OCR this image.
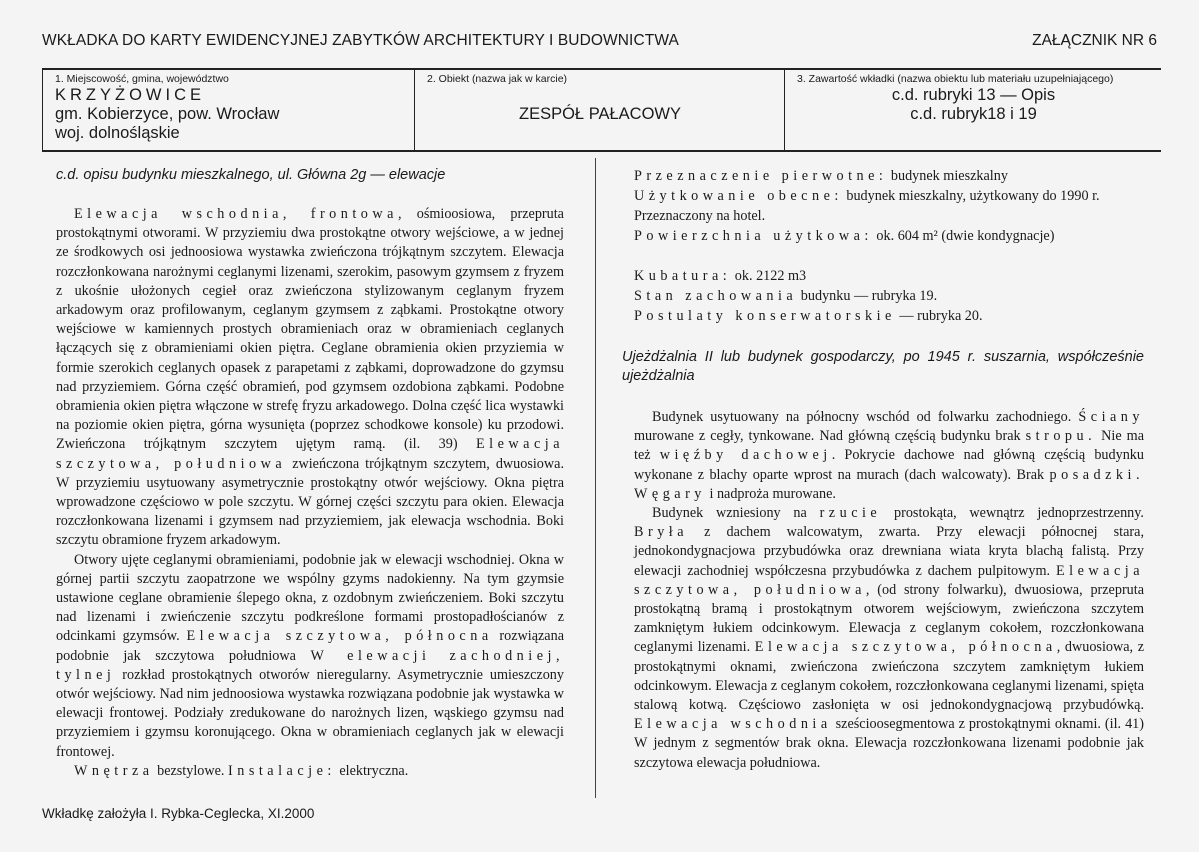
WKŁADKA DO KARTY EWIDENCYJNEJ ZABYTKÓW ARCHITEKTURY I BUDOWNICTWA	ZAŁĄCZNIK NR 6
1. Miejscowość, gmina, województwo
KRZYŻOWICE
gm. Kobierzyce, pow. Wrocław
woj. dolnośląskie
2. Obiekt (nazwa jak w karcie)
ZESPÓŁ PAŁACOWY
3. Zawartość wkładki (nazwa obiektu lub materiału uzupełniającego)
c.d. rubryki 13 — Opis
c.d. rubryk18 i 19
c.d. opisu budynku mieszkalnego, ul. Główna 2g — elewacje

Elewacja wschodnia, frontowa, ośmioosiowa, przepruta prostokątnymi otworami. W przyziemiu dwa prostokątne otwory wejściowe, a w jednej ze środkowych osi jednoosiowa wystawka zwieńczona trójkątnym szczytem. Elewacja rozczłonkowana narożnymi ceglanymi lizenami, szerokim, pasowym gzymsem z fryzem z ukośnie ułożonych cegieł oraz zwieńczona stylizowanym ceglanym fryzem arkadowym oraz profilowanym, ceglanym gzymsem z ząbkami. Prostokątne otwory wejściowe w kamiennych prostych obramieniach oraz w obramieniach ceglanych łączących się z obramieniami okien piętra. Ceglane obramienia okien przyziemia w formie szerokich ceglanych opasek z parapetami z ząbkami, doprowadzone do gzymsu nad przyziemiem. Górna część obramień, pod gzymsem ozdobiona ząbkami. Podobne obramienia okien piętra włączone w strefę fryzu arkadowego. Dolna część lica wystawki na poziomie okien piętra, górna wysunięta (poprzez schodkowe konsole) ku przodowi. Zwieńczona trójkątnym szczytem ujętym ramą. (il. 39) Elewacja szczytowa, południowa zwieńczona trójkątnym szczytem, dwuosiowa. W przyziemiu usytuowany asymetrycznie prostokątny otwór wejściowy. Okna piętra wprowadzone częściowo w pole szczytu. W górnej części szczytu para okien. Elewacja rozczłonkowana lizenami i gzymsem nad przyziemiem, jak elewacja wschodnia. Boki szczytu obramione fryzem arkadowym.

Otwory ujęte ceglanymi obramieniami, podobnie jak w elewacji wschodniej. Okna w górnej partii szczytu zaopatrzone we wspólny gzyms nadokienny. Na tym gzymsie ustawione ceglane obramienie ślepego okna, z ozdobnym zwieńczeniem. Boki szczytu nad lizenami i zwieńczenie szczytu podkreślone formami prostopadłościanów z odcinkami gzymsów. Elewacja szczytowa, północna rozwiązana podobnie jak szczytowa południowa W elewacji zachodniej, tylnej rozkład prostokątnych otworów nieregularny. Asymetrycznie umieszczony otwór wejściowy. Nad nim jednoosiowa wystawka rozwiązana podobnie jak wystawka w elewacji frontowej. Podziały zredukowane do narożnych lizen, wąskiego gzymsu nad przyziemiem i gzymsu koronującego. Okna w obramieniach ceglanych jak w elewacji frontowej.

Wnętrza bezstylowe. Instalacje: elektryczna.

Przeznaczenie pierwotne: budynek mieszkalny
Użytkowanie obecne: budynek mieszkalny, użytkowany do 1990 r.
Przeznaczony na hotel.
Powierzchnia użytkowa: ok. 604 m² (dwie kondygnacje)
Kubatura: ok. 2122 m3
Stan zachowania budynku — rubryka 19.
Postulaty konserwatorskie — rubryka 20.
Ujeżdżalnia II lub budynek gospodarczy, po 1945 r. suszarnia, współcześnie ujeżdżalnia

Budynek usytuowany na północny wschód od folwarku zachodniego. Ściany murowane z cegły, tynkowane. Nad główną częścią budynku brak stropu. Nie ma też więźby dachowej. Pokrycie dachowe nad główną częścią budynku wykonane z blachy oparte wprost na murach (dach walcowaty). Brak posadzki. Węgary i nadproża murowane.

Budynek wzniesiony na rzucie prostokąta, wewnątrz jednoprzestrzenny. Bryła z dachem walcowatym, zwarta. Przy elewacji północnej stara, jednokondygnacjowa przybudówka oraz drewniana wiata kryta blachą falistą. Przy elewacji zachodniej współczesna przybudówka z dachem pulpitowym. Elewacja szczytowa, południowa, (od strony folwarku), dwuosiowa, przepruta prostokątną bramą i prostokątnym otworem wejściowym, zwieńczona szczytem zamkniętym łukiem odcinkowym. Elewacja z ceglanym cokołem, rozczłonkowana ceglanymi lizenami. Elewacja szczytowa, północna, dwuosiowa, z prostokątnymi oknami, zwieńczona zwieńczona szczytem zamkniętym łukiem odcinkowym. Elewacja z ceglanym cokołem, rozczłonkowana ceglanymi lizenami, spięta stalową kotwą. Częściowo zasłonięta w osi jednokondygnacjową przybudówką. Elewacja wschodnia sześcioosegmentowa z prostokątnymi oknami. (il. 41) W jednym z segmentów brak okna. Elewacja rozczłonkowana lizenami podobnie jak szczytowa elewacja południowa.

Wkładkę założyła I. Rybka-Ceglecka, XI.2000
